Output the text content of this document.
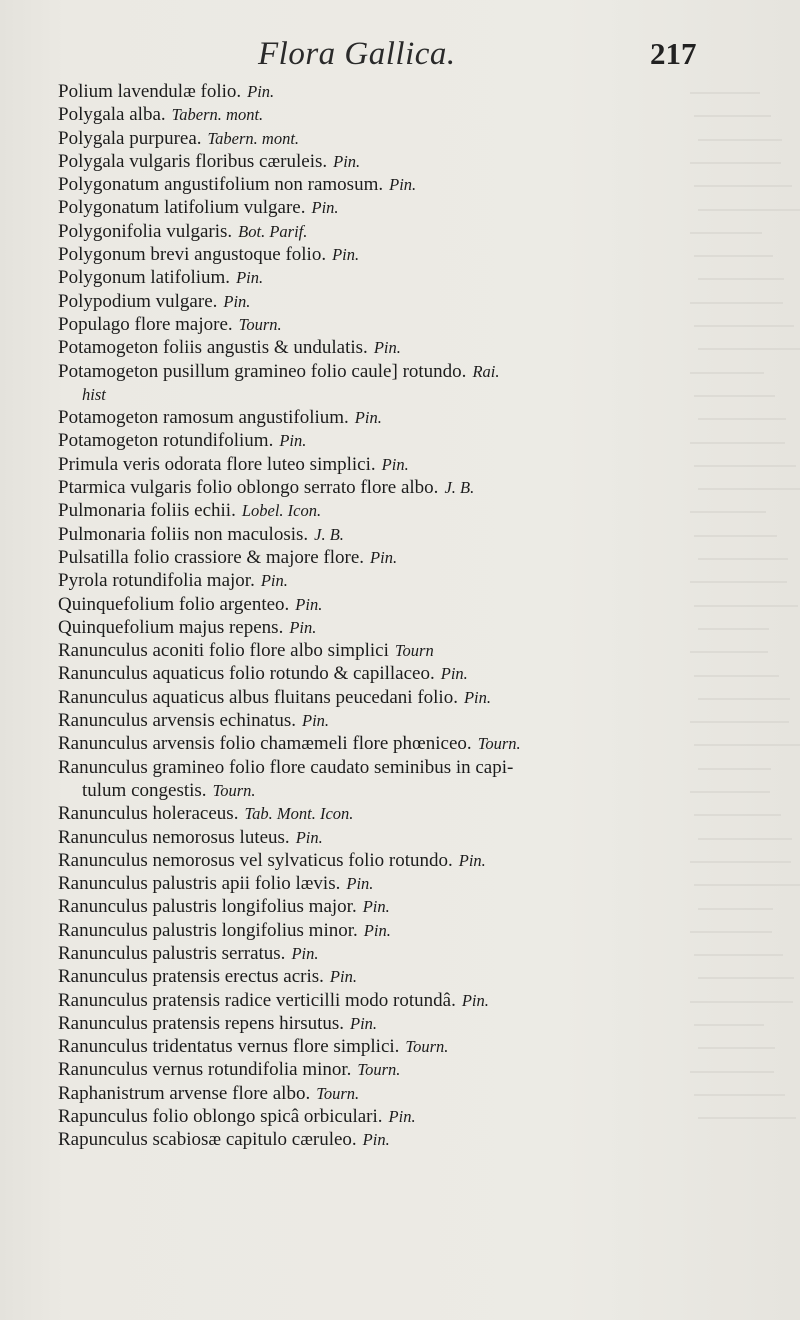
Flora Gallica.	217
Polium lavendulæ folio. Pin.
Polygala alba. Tabern. mont.
Polygala purpurea. Tabern. mont.
Polygala vulgaris floribus cæruleis. Pin.
Polygonatum angustifolium non ramosum. Pin.
Polygonatum latifolium vulgare. Pin.
Polygonifolia vulgaris. Bot. Parif.
Polygonum brevi angustoque folio. Pin.
Polygonum latifolium. Pin.
Polypodium vulgare. Pin.
Populago flore majore. Tourn.
Potamogeton foliis angustis & undulatis. Pin.
Potamogeton pusillum gramineo folio caule] rotundo. Rai.
hist
Potamogeton ramosum angustifolium. Pin.
Potamogeton rotundifolium. Pin.
Primula veris odorata flore luteo simplici. Pin.
Ptarmica vulgaris folio oblongo serrato flore albo. J. B.
Pulmonaria foliis echii. Lobel. Icon.
Pulmonaria foliis non maculosis. J. B.
Pulsatilla folio crassiore & majore flore. Pin.
Pyrola rotundifolia major. Pin.
Quinquefolium folio argenteo. Pin.
Quinquefolium majus repens. Pin.
Ranunculus aconiti folio flore albo simplici Tourn
Ranunculus aquaticus folio rotundo & capillaceo. Pin.
Ranunculus aquaticus albus fluitans peucedani folio. Pin.
Ranunculus arvensis echinatus. Pin.
Ranunculus arvensis folio chamæmeli flore phœniceo. Tourn.
Ranunculus gramineo folio flore caudato seminibus in capi-
tulum congestis. Tourn.
Ranunculus holeraceus. Tab. Mont. Icon.
Ranunculus nemorosus luteus. Pin.
Ranunculus nemorosus vel sylvaticus folio rotundo. Pin.
Ranunculus palustris apii folio lævis. Pin.
Ranunculus palustris longifolius major. Pin.
Ranunculus palustris longifolius minor. Pin.
Ranunculus palustris serratus. Pin.
Ranunculus pratensis erectus acris. Pin.
Ranunculus pratensis radice verticilli modo rotundâ. Pin.
Ranunculus pratensis repens hirsutus. Pin.
Ranunculus tridentatus vernus flore simplici. Tourn.
Ranunculus vernus rotundifolia minor. Tourn.
Raphanistrum arvense flore albo. Tourn.
Rapunculus folio oblongo spicâ orbiculari. Pin.
Rapunculus scabiosæ capitulo cæruleo. Pin.
